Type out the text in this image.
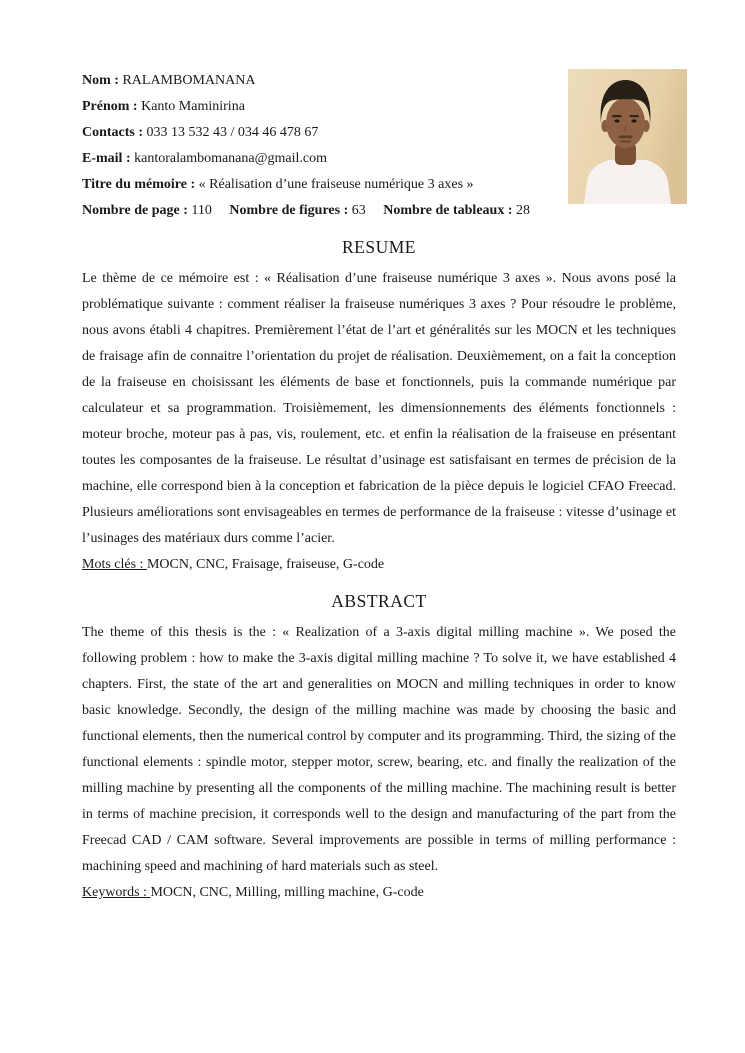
Nom : RALAMBOMANANA
Prénom : Kanto Maminirina
Contacts : 033 13 532 43 / 034 46 478 67
E-mail : kantoralambomanana@gmail.com
Titre du mémoire : « Réalisation d’une fraiseuse numérique 3 axes »
Nombre de page : 110 Nombre de figures : 63 Nombre de tableaux : 28
RESUME

Le thème de ce mémoire est : « Réalisation d’une fraiseuse numérique 3 axes ». Nous avons posé la problématique suivante : comment réaliser la fraiseuse numériques 3 axes ? Pour résoudre le problème, nous avons établi 4 chapitres. Premièrement l’état de l’art et généralités sur les MOCN et les techniques de fraisage afin de connaitre l’orientation du projet de réalisation. Deuxièmement, on a fait la conception de la fraiseuse en choisissant les éléments de base et fonctionnels, puis la commande numérique par calculateur et sa programmation. Troisièmement, les dimensionnements des éléments fonctionnels : moteur broche, moteur pas à pas, vis, roulement, etc. et enfin la réalisation de la fraiseuse en présentant toutes les composantes de la fraiseuse. Le résultat d’usinage est satisfaisant en termes de précision de la machine, elle correspond bien à la conception et fabrication de la pièce depuis le logiciel CFAO Freecad. Plusieurs améliorations sont envisageables en termes de performance de la fraiseuse : vitesse d’usinage et l’usinages des matériaux durs comme l’acier.

Mots clés : MOCN, CNC, Fraisage, fraiseuse, G-code

ABSTRACT

The theme of this thesis is the : « Realization of a 3-axis digital milling machine ». We posed the following problem : how to make the 3-axis digital milling machine ? To solve it, we have established 4 chapters. First, the state of the art and generalities on MOCN and milling techniques in order to know basic knowledge. Secondly, the design of the milling machine was made by choosing the basic and functional elements, then the numerical control by computer and its programming. Third, the sizing of the functional elements : spindle motor, stepper motor, screw, bearing, etc. and finally the realization of the milling machine by presenting all the components of the milling machine. The machining result is better in terms of machine precision, it corresponds well to the design and manufacturing of the part from the Freecad CAD / CAM software. Several improvements are possible in terms of milling performance : machining speed and machining of hard materials such as steel.

Keywords : MOCN, CNC, Milling, milling machine, G-code
